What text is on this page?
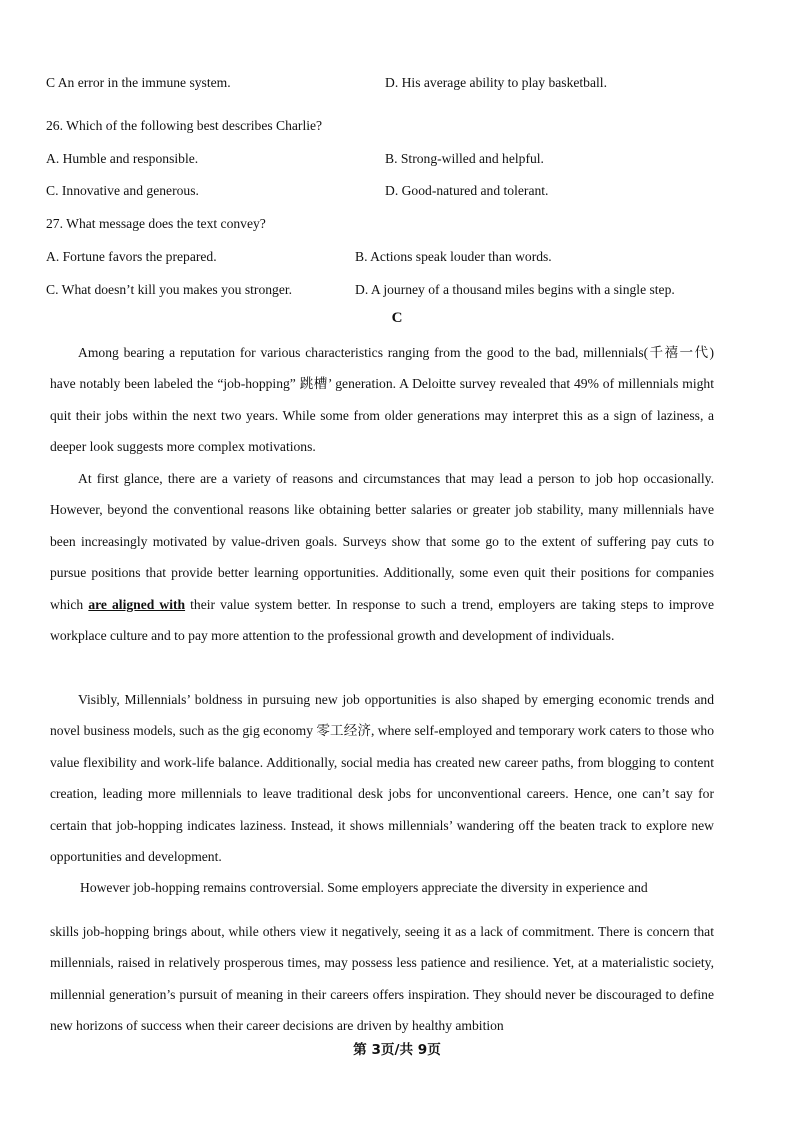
C An error in the immune system.	D. His average ability to play basketball.
26. Which of the following best describes Charlie?
A. Humble and responsible.	B. Strong-willed and helpful.
C. Innovative and generous.	D. Good-natured and tolerant.
27. What message does the text convey?
A. Fortune favors the prepared.	B. Actions speak louder than words.
C. What doesn’t kill you makes you stronger.	D. A journey of a thousand miles begins with a single step.
C
Among bearing a reputation for various characteristics ranging from the good to the bad, millennials(千禧一代) have notably been labeled the “job-hopping” 跳槽’ generation. A Deloitte survey revealed that 49% of millennials might quit their jobs within the next two years. While some from older generations may interpret this as a sign of laziness, a deeper look suggests more complex motivations.
At first glance, there are a variety of reasons and circumstances that may lead a person to job hop occasionally. However, beyond the conventional reasons like obtaining better salaries or greater job stability, many millennials have been increasingly motivated by value-driven goals. Surveys show that some go to the extent of suffering pay cuts to pursue positions that provide better learning opportunities. Additionally, some even quit their positions for companies which are aligned with their value system better. In response to such a trend, employers are taking steps to improve workplace culture and to pay more attention to the professional growth and development of individuals.
Visibly, Millennials’ boldness in pursuing new job opportunities is also shaped by emerging economic trends and novel business models, such as the gig economy 零工经济, where self-employed and temporary work caters to those who value flexibility and work-life balance. Additionally, social media has created new career paths, from blogging to content creation, leading more millennials to leave traditional desk jobs for unconventional careers. Hence, one can’t say for certain that job-hopping indicates laziness. Instead, it shows millennials’ wandering off the beaten track to explore new opportunities and development.
However job-hopping remains controversial. Some employers appreciate the diversity in experience and
skills job-hopping brings about, while others view it negatively, seeing it as a lack of commitment. There is concern that millennials, raised in relatively prosperous times, may possess less patience and resilience. Yet, at a materialistic society, millennial generation’s pursuit of meaning in their careers offers inspiration. They should never be discouraged to define new horizons of success when their career decisions are driven by healthy ambition
第 3页/共 9页
